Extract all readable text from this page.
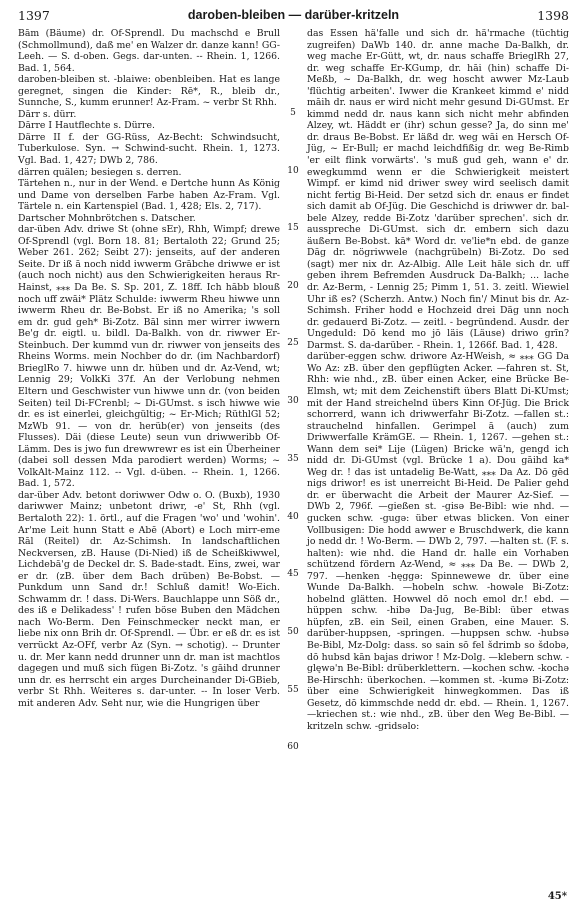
1397	daroben-bleiben — darüber-kritzeln	1398

Bām (Bäume) dr. Of-Sprendl. Du machschd e Brull (Schmollmund), daß me' en Walzer dr. danze kann! GG-Leeh. — S. d-oben. Gegs. dar-unten. -- Rhein. 1, 1266. Bad. 1, 564.

daroben-bleiben st. -blaiwe: obenbleiben. Hat es lange geregnet, singen die Kinder: Rē*, R., bleib dr., Sunnche, S., kumm erunner! Az-Fram. ~ verbr St Rhh.

Dārr s. dürr.

Dārre I Hautflechte s. Dürre.

Därre II f. der GG-Rüss, Az-Becht: Schwindsucht, Tuberkulose. Syn. → Schwind-sucht. Rhein. 1, 1273. Vgl. Bad. 1, 427; DWb 2, 786.

därren quälen; besiegen s. derren.

Tärtehen n., nur in der Wend. e Dertche hunn As König und Dame von derselben Farbe haben Az-Fram. Vgl. Tärtele n. ein Kartenspiel (Bad. 1, 428; Els. 2, 717).

Dartscher Mohnbrötchen s. Datscher.

dar-üben Adv. driwe St (ohne sEr), Rhh, Wimpf; drewe Of-Sprendl (vgl. Born 18. 81; Bertaloth 22; Grund 25; Weber 261. 262; Seibt 27): jenseits, auf der anderen Seite. Dr iß ā noch nidd iwwerm Grābche driwwe er ist (auch noch nicht) aus den Schwierigkeiten heraus Rr-Hainst, ⁎⁎⁎ Da Be. S. Sp. 201, Z. 18ff. Ich hābb blouß noch uff zwāi* Plätz Schulde: iwwerm Rheu hiwwe unn iwwerm Rheu dr. Be-Bobst. Er iß no Amerika; 's soll em dr. gud geh* Bi-Zotz. Bāl sinn mer wirrer iwwern Be'g dr. eigtl. u. bildl. Da-Balkh. von dr. riwwer Er-Steinbuch. Der kummd vun dr. riwwer von jenseits des Rheins Worms. mein Nochber do dr. (im Nachbardorf) BrieglRo 7. hiwwe unn dr. hüben und dr. Az-Vend, wt; Lennig 29; VolkKi 37f. An der Verlobung nehmen Eltern und Geschwister vun hiwwe unn dr. (von beiden Seiten) teil Di-FCrenbl; ~ Di-GUmst. s isch hiwwe wie dr. es ist einerlei, gleichgültig; ~ Er-Mich; RüthlGl 52; MzWb 91. — von dr. herüb(er) von jenseits (des Flusses). Däi (diese Leute) seun vun driwweribb Of-Lämm. Des is jwo fun drewwrewr es ist ein Überheiner (dabei soll dessen Mda parodiert werden) Worms; ~ VolkAlt-Mainz 112. -- Vgl. d-üben. -- Rhein. 1, 1266. Bad. 1, 572.

dar-über Adv. betont doriwwer Odw o. O. (Buxb), 1930 dariwwer Mainz; unbetont driwr, -e' St, Rhh (vgl. Bertaloth 22): 1. örtl., auf die Fragen 'wo' und 'wohin'. Ar'me Leit hunn Statt e Abē (Abort) e Loch mirr-eme Rāl (Reitel) dr. Az-Schimsh. In landschaftlichen Neckversen, zB. Hause (Di-Nied) iß de Scheißkiwwel, Lichdebā'g de Deckel dr. S. Bade-stadt. Eins, zwei, war er dr. (zB. über dem Bach drüben) Be-Bobst. — Punkdum unn Sand dr.! Schluß damit! Wo-Eich. Schwamm dr. ! dass. Di-Wers. Bauchlappe unn Söß dr., des iß e Delikadess' ! rufen böse Buben den Mädchen nach Wo-Berm. Den Feinschmecker neckt man, er liebe nix onn Brih dr. Of-Sprendl. — Übr. er eß dr. es ist verrückt Az-OFf, verbr Az (Syn. → schotig). -- Drunter u. dr. Mer kann nedd drunner unn dr. man ist machtlos dagegen und muß sich fügen Bi-Zotz. 's gāihd drunner unn dr. es herrscht ein arges Durcheinander Di-GBieb, verbr St Rhh. Weiteres s. dar-unter. -- In loser Verb. mit anderen Adv. Seht nur, wie die Hungrigen über

5
10
15
20
25
30
35
40
45
50
55
60

das Essen hä'falle und sich dr. hä'rmache (tüchtig zugreifen) DaWb 140. dr. anne mache Da-Balkh, dr. weg mache Er-Gütt, wt, dr. naus schaffe BrieglRh 27, dr. weg schaffe Er-KGump, dr. hāi (hin) schaffe Di-Meßb, ~ Da-Balkh, dr. weg hoscht awwer Mz-Laub 'flüchtig arbeiten'. Iwwer die Krankeet kimmd e' nidd māih dr. naus er wird nicht mehr gesund Di-GUmst. Er kimmd nedd dr. naus kann sich nicht mehr abfinden Alzey, wt. Häddt er (ihr) schun gesse? Ja, do sinn me' dr. draus Be-Bobst. Er läßd dr. weg wāi en Hersch Of-Jüg, ~ Er-Bull; er machd leichdfißig dr. weg Be-Rimb 'er eilt flink vorwärts'. 's muß gud geh, wann e' dr. ewegkummd wenn er die Schwierigkeit meistert Wimpf. er kimd nid driwer swey wird seelisch damit nicht fertig Bi-Heid. Der setzd sich dr. enaus er findet sich damit ab Of-Jüg. Die Geschichd is driwwer dr. bal-bele Alzey, redde Bi-Zotz 'darüber sprechen'. sich dr. ausspreche Di-GUmst. sich dr. embern sich dazu äußern Be-Bobst. kā* Word dr. ve'lie*n ebd. de ganze Dāg dr. nögriwwele (nachgrübeln) Bi-Zotz. Do sed (sagt) mer nix dr. Az-Albig. Alle Leit hāle sich dr. uff geben ihrem Befremden Ausdruck Da-Balkh; ... lache dr. Az-Berm, - Lennig 25; Pimm 1, 51. 3. zeitl. Wiewiel Uhr iß es? (Scherzh. Antw.) Noch fin'/ Minut bis dr. Az-Schimsh. Friher hodd e Hochzeid drei Däg unn noch dr. gedauerd Bi-Zotz. — zeitl. - begründend. Ausdr. der Ungeduld: Dō kend mo jō läis (Läuse) driwo grīn? Darmst. S. da-darüber. - Rhein. 1, 1266f. Bad. 1, 428.

darüber-eggen schw. driwore Az-HWeish, ≈ ⁎⁎⁎ GG Da Wo Az: zB. über den gepflügten Acker. —fahren st. St, Rhh: wie nhd., zB. über einen Acker, eine Brücke Be-Elmsh, wt; mit dem Zeichenstift übers Blatt Di-KUmst; mit der Hand streichelnd übers Kinn Of-Jüg. Die Brick schorrerd, wann ich driwwerfahr Bi-Zotz. —fallen st.: strauchelnd hinfallen. Gerimpel ā (auch) zum Driwwerfalle KrämGE. — Rhein. 1, 1267. —gehen st.: Wann dem sei* Lije (Lügen) Bricke wä'n, gengd ich nidd dr. Di-GUmst (vgl. Brücke 1 a). Dou gāihd ka* Weg dr. ! das ist untadelig Be-Watt, ⁎⁎⁎ Da Az. Dō gēd nigs driwor! es ist unerreicht Bi-Heid. De Palier gehd dr. er überwacht die Arbeit der Maurer Az-Sief. — DWb 2, 796f. —gießen st. -gisə Be-Bibl: wie nhd. —gucken schw. -gugə: über etwas blicken. Von einer Vollbusigen: Die hodd awwer e Bruschdwerk, die kann jo nedd dr. ! Wo-Berm. — DWb 2, 797. —halten st. (F. s. halten): wie nhd. die Hand dr. halle ein Vorhaben schützend fördern Az-Wend, ≈ ⁎⁎⁎ Da Be. — DWb 2, 797. —henken -hęggə: Spinnewewe dr. über eine Wunde Da-Balkh. —hobeln schw. -howəle Bi-Zotz: hobelnd glätten. Howwel dō noch emol dr.! ebd. —hüppen schw. -hibə Da-Jug, Be-Bibl: über etwas hüpfen, zB. ein Seil, einen Graben, eine Mauer. S. darüber-huppsen, -springen. —huppsen schw. -hubsə Be-Bibl, Mz-Dolg: dass. so sain sō fel šdrimb so šdobə, dō hubsd kān bajas driwor ! Mz-Dolg. —klebern schw. -glęwə'n Be-Bibl: drüberklettern. —kochen schw. -kochə Be-Hirschh: überkochen. —kommen st. -kumə Bi-Zotz: über eine Schwierigkeit hinwegkommen. Das iß Gesetz, dō kimmschde nedd dr. ebd. — Rhein. 1, 1267. —kriechen st.: wie nhd., zB. über den Weg Be-Bibl. —kritzeln schw. -gridsəlo:

45*
